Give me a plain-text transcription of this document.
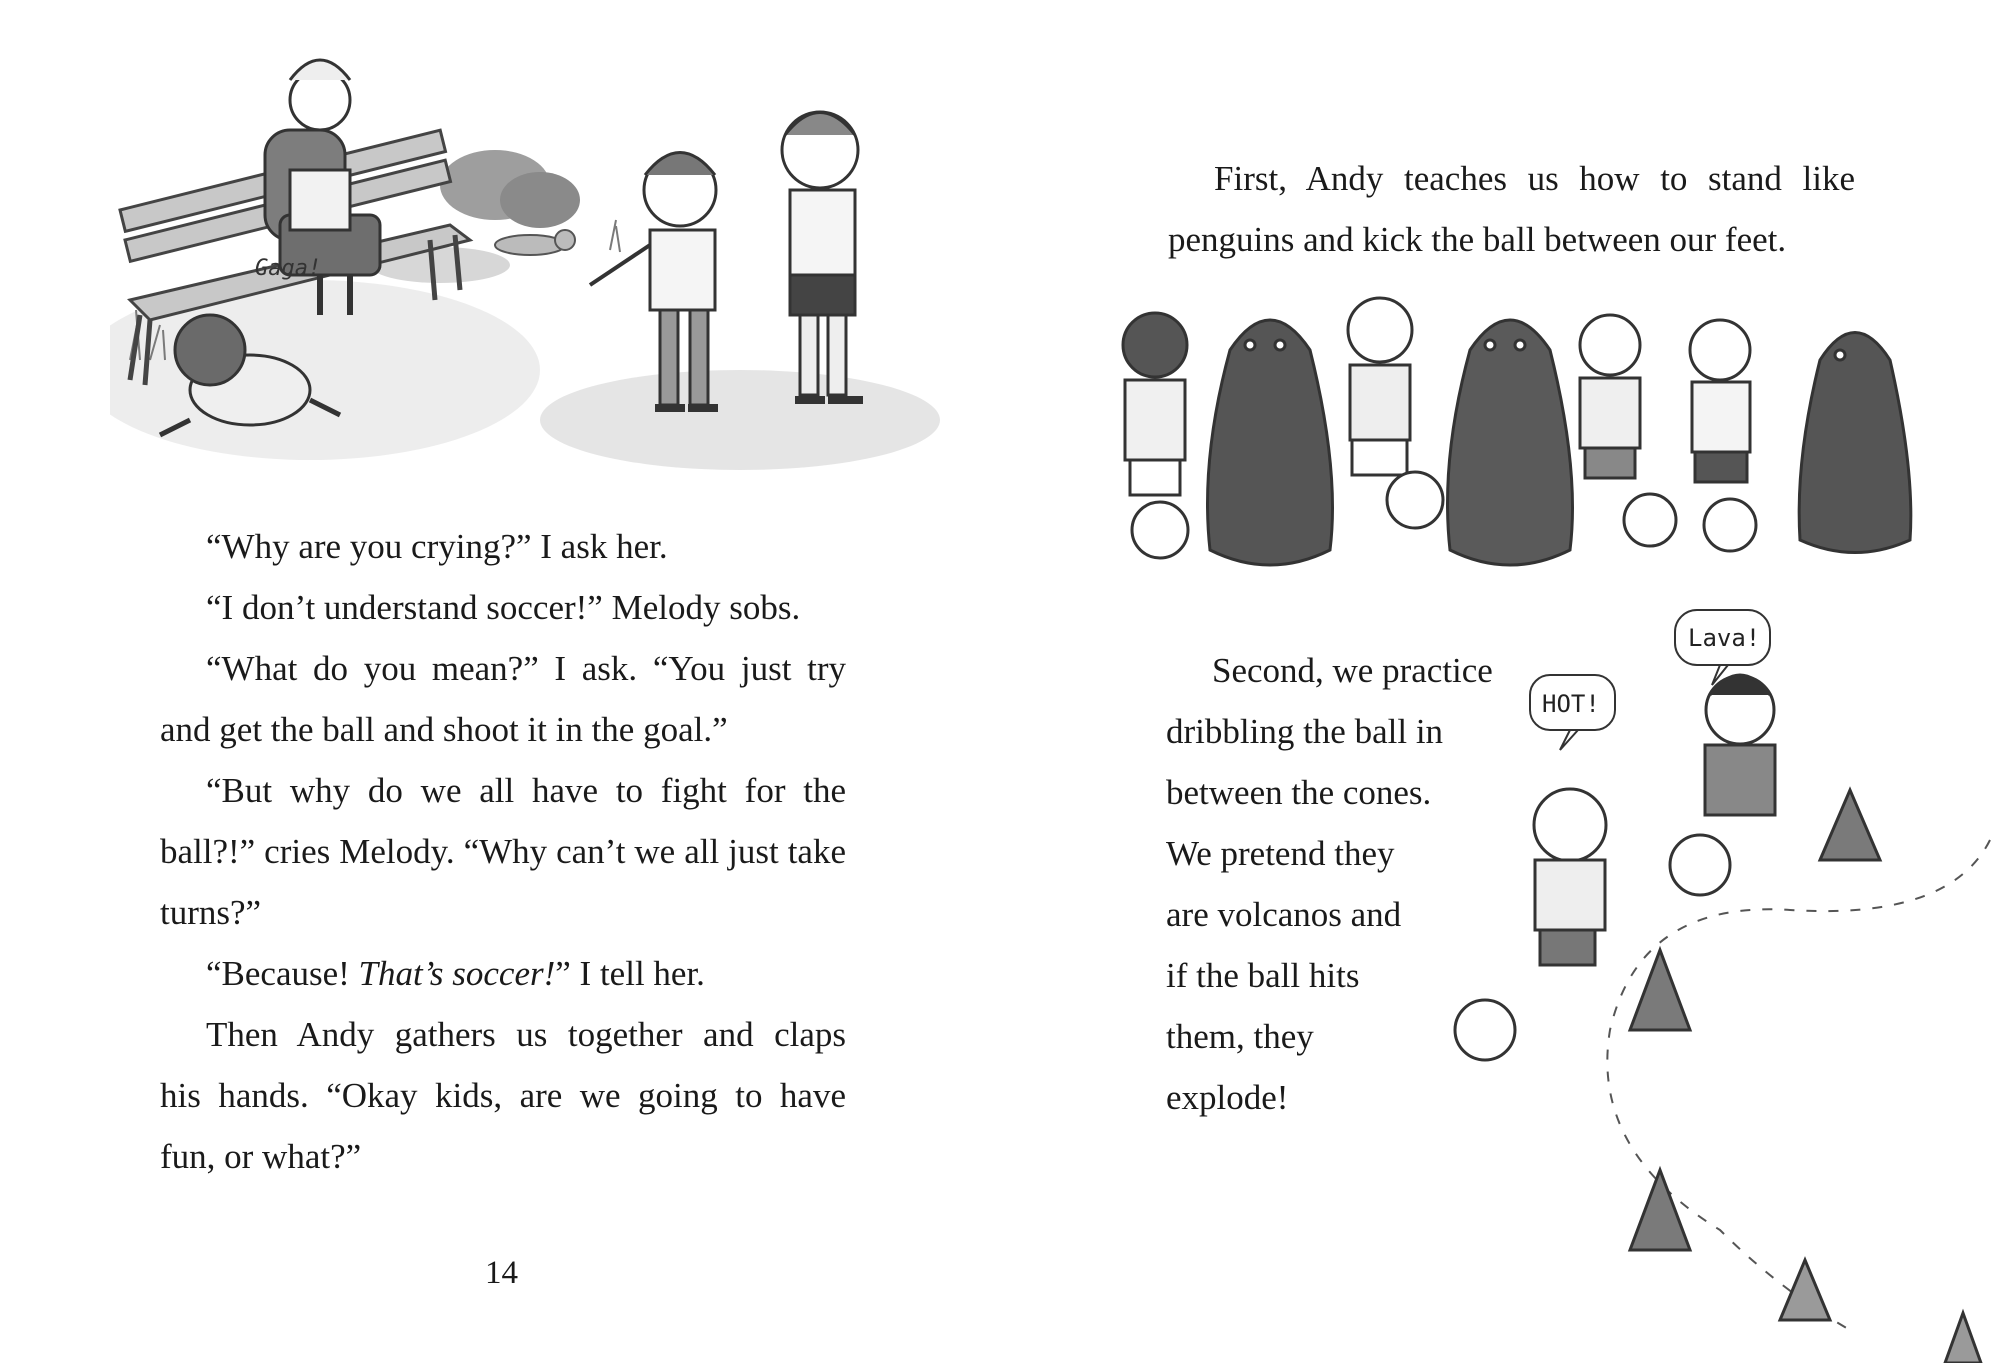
Gaga!

“Why are you crying?” I ask her.

“I don’t understand soccer!” Melody sobs.

“What do you mean?” I ask. “You just try

and get the ball and shoot it in the goal.”

“But why do we all have to fight for the

ball?!” cries Melody. “Why can’t we all just take

turns?”

“Because! That’s soccer!” I tell her.

Then Andy gathers us together and claps

his hands. “Okay kids, are we going to have

fun, or what?”

14

First, Andy teaches us how to stand like

penguins and kick the ball between our feet.

Second, we practice

dribbling the ball in

between the cones.

We pretend they

are volcanos and

if the ball hits

them, they

explode!

HOT!
Lava!
